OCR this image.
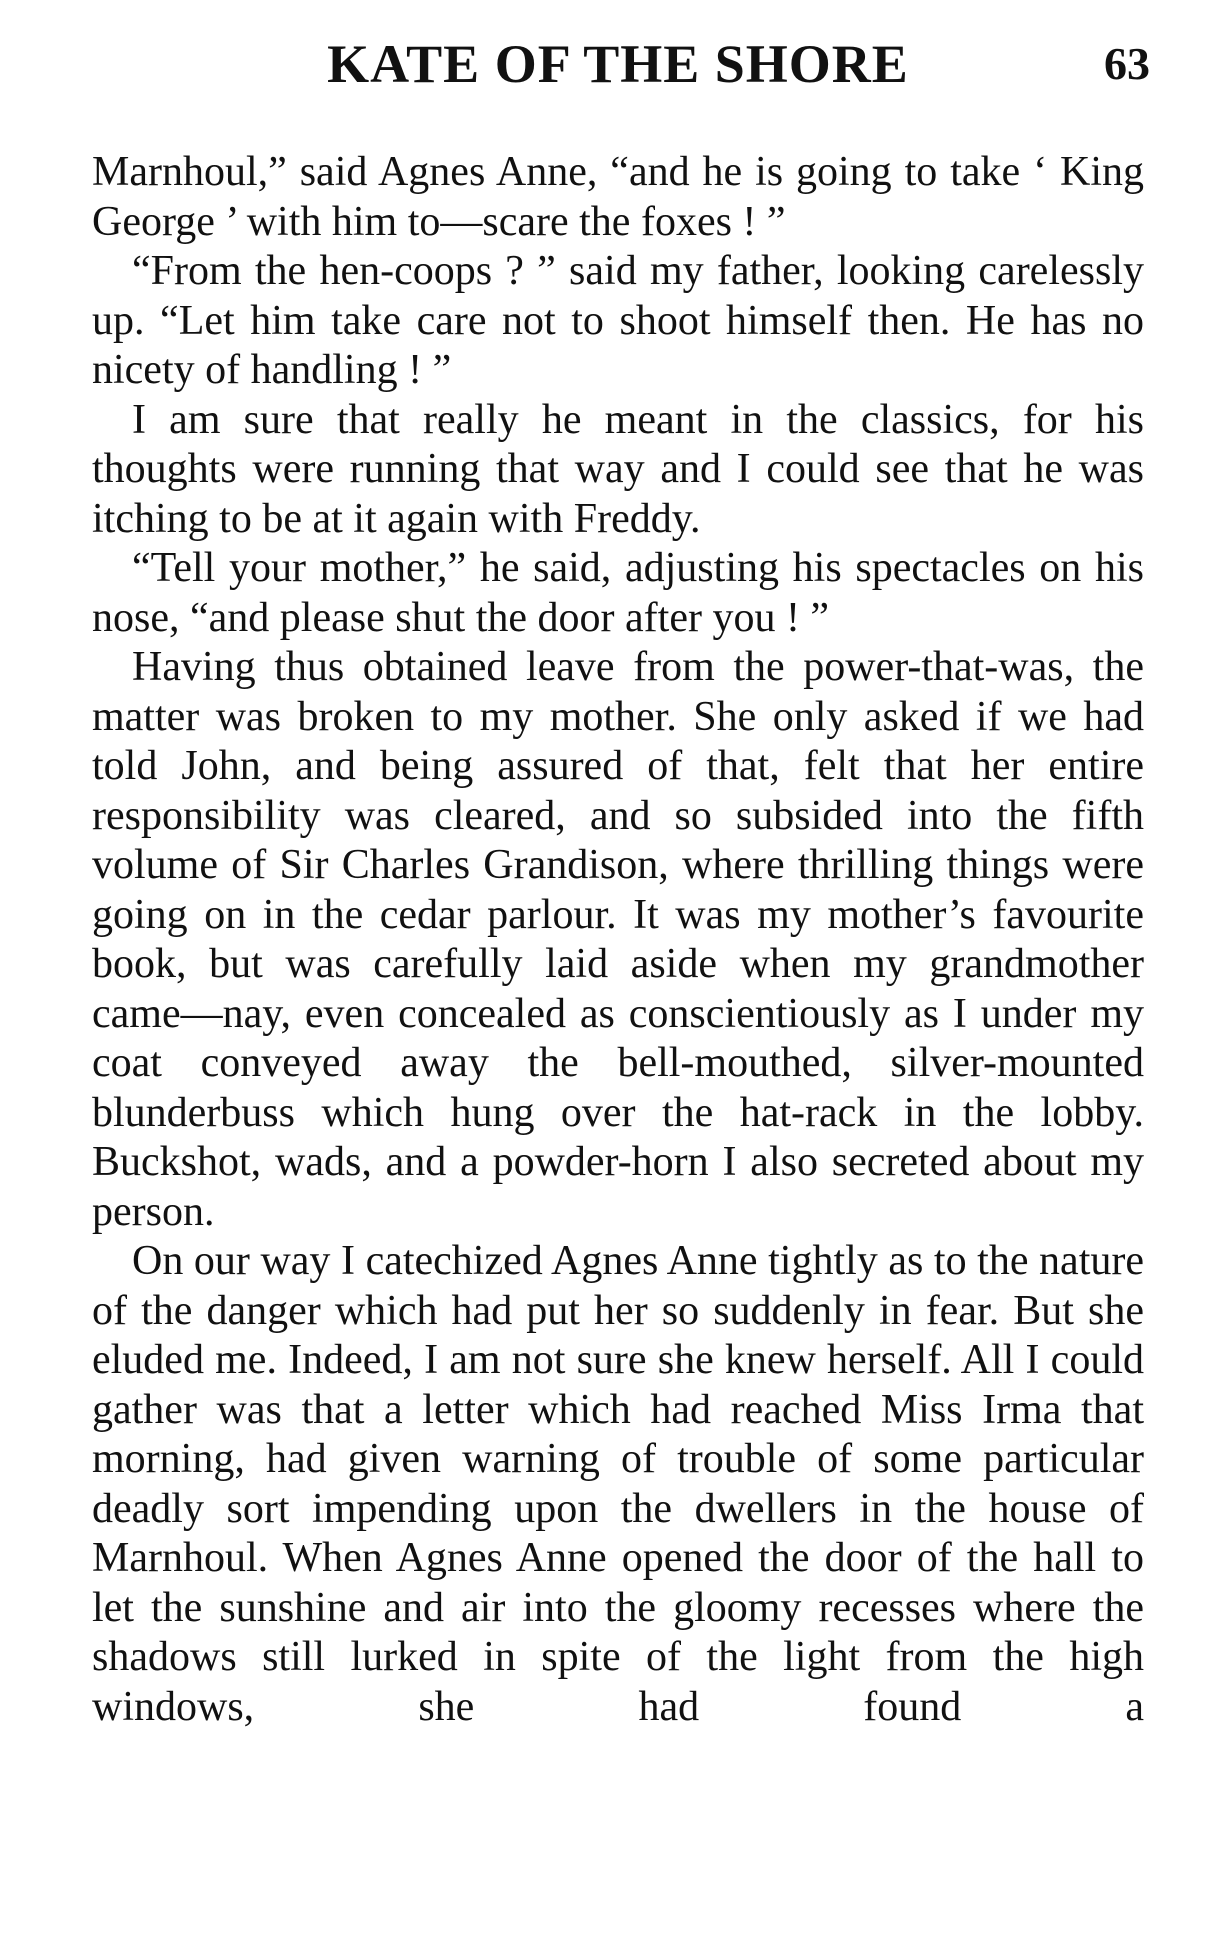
KATE OF THE SHORE	63

Marnhoul,” said Agnes Anne, “and he is going to take ‘ King George ’ with him to—scare the foxes ! ”

“From the hen-coops ? ” said my father, looking carelessly up. “Let him take care not to shoot himself then. He has no nicety of handling ! ”

I am sure that really he meant in the classics, for his thoughts were running that way and I could see that he was itching to be at it again with Freddy.

“Tell your mother,” he said, adjusting his spectacles on his nose, “and please shut the door after you ! ”

Having thus obtained leave from the power-that-was, the matter was broken to my mother. She only asked if we had told John, and being assured of that, felt that her entire responsibility was cleared, and so subsided into the fifth volume of Sir Charles Grandison, where thrilling things were going on in the cedar parlour. It was my mother’s favourite book, but was carefully laid aside when my grandmother came—nay, even concealed as conscientiously as I under my coat conveyed away the bell-mouthed, silver-mounted blunderbuss which hung over the hat-rack in the lobby. Buckshot, wads, and a powder-horn I also secreted about my person.

On our way I catechized Agnes Anne tightly as to the nature of the danger which had put her so suddenly in fear. But she eluded me. Indeed, I am not sure she knew herself. All I could gather was that a letter which had reached Miss Irma that morning, had given warning of trouble of some particular deadly sort impending upon the dwellers in the house of Marnhoul. When Agnes Anne opened the door of the hall to let the sunshine and air into the gloomy recesses where the shadows still lurked in spite of the light from the high windows, she had found a
